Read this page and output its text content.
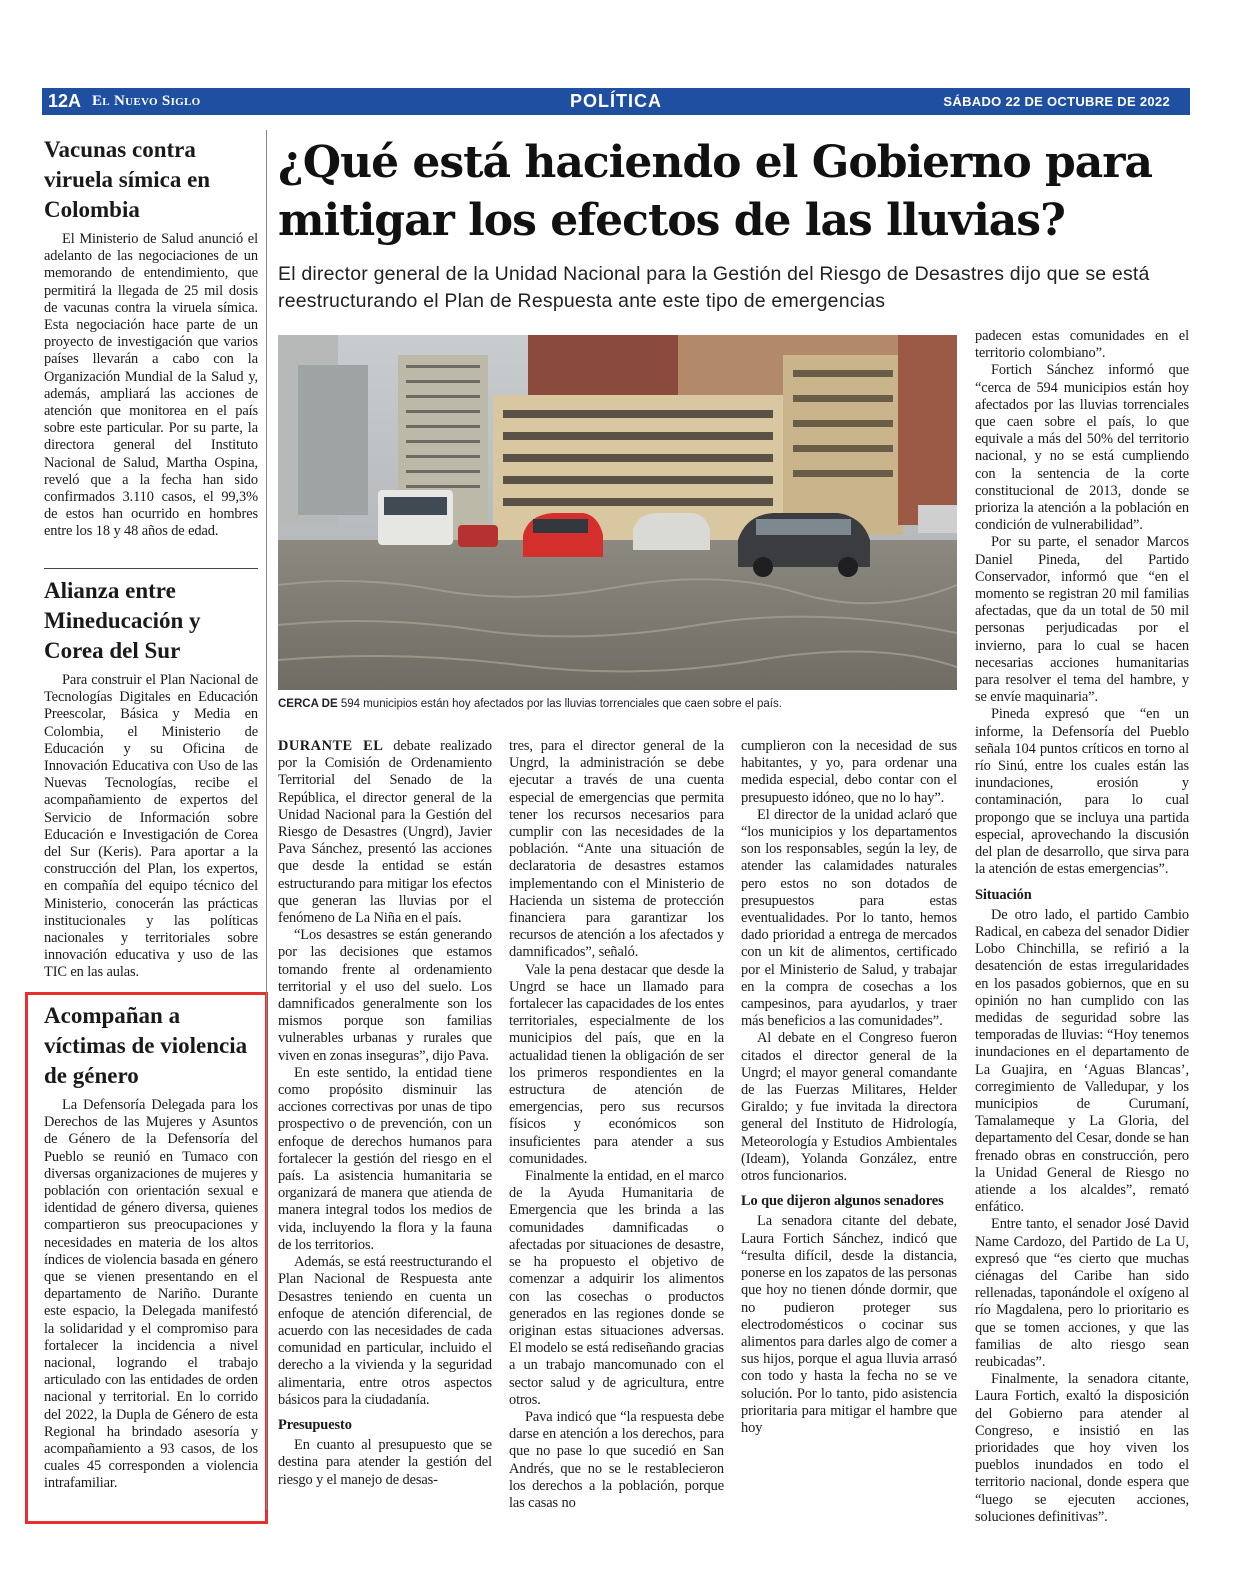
12A El Nuevo Siglo	POLÍTICA	SÁBADO 22 DE OCTUBRE DE 2022
Vacunas contra viruela símica en Colombia

El Ministerio de Salud anunció el adelanto de las negociaciones de un memorando de entendimiento, que permitirá la llegada de 25 mil dosis de vacunas contra la viruela símica. Esta negociación hace parte de un proyecto de investigación que varios países llevarán a cabo con la Organización Mundial de la Salud y, además, ampliará las acciones de atención que monitorea en el país sobre este particular. Por su parte, la directora general del Instituto Nacional de Salud, Martha Ospina, reveló que a la fecha han sido confirmados 3.110 casos, el 99,3% de estos han ocurrido en hombres entre los 18 y 48 años de edad.

Alianza entre Mineducación y Corea del Sur

Para construir el Plan Nacional de Tecnologías Digitales en Educación Preescolar, Básica y Media en Colombia, el Ministerio de Educación y su Oficina de Innovación Educativa con Uso de las Nuevas Tecnologías, recibe el acompañamiento de expertos del Servicio de Información sobre Educación e Investigación de Corea del Sur (Keris). Para aportar a la construcción del Plan, los expertos, en compañía del equipo técnico del Ministerio, conocerán las prácticas institucionales y las políticas nacionales y territoriales sobre innovación educativa y uso de las TIC en las aulas.

Acompañan a víctimas de violencia de género

La Defensoría Delegada para los Derechos de las Mujeres y Asuntos de Género de la Defensoría del Pueblo se reunió en Tumaco con diversas organizaciones de mujeres y población con orientación sexual e identidad de género diversa, quienes compartieron sus preocupaciones y necesidades en materia de los altos índices de violencia basada en género que se vienen presentando en el departamento de Nariño. Durante este espacio, la Delegada manifestó la solidaridad y el compromiso para fortalecer la incidencia a nivel nacional, logrando el trabajo articulado con las entidades de orden nacional y territorial. En lo corrido del 2022, la Dupla de Género de esta Regional ha brindado asesoría y acompañamiento a 93 casos, de los cuales 45 corresponden a violencia intrafamiliar.

¿Qué está haciendo el Gobierno para mitigar los efectos de las lluvias?
El director general de la Unidad Nacional para la Gestión del Riesgo de Desastres dijo que se está reestructurando el Plan de Respuesta ante este tipo de emergencias
CERCA DE 594 municipios están hoy afectados por las lluvias torrenciales que caen sobre el país.

DURANTE EL debate realizado por la Comisión de Ordenamiento Territorial del Senado de la República, el director general de la Unidad Nacional para la Gestión del Riesgo de Desastres (Ungrd), Javier Pava Sánchez, presentó las acciones que desde la entidad se están estructurando para mitigar los efectos que generan las lluvias por el fenómeno de La Niña en el país.

“Los desastres se están generando por las decisiones que estamos tomando frente al ordenamiento territorial y el uso del suelo. Los damnificados generalmente son los mismos porque son familias vulnerables urbanas y rurales que viven en zonas inseguras”, dijo Pava.

En este sentido, la entidad tiene como propósito disminuir las acciones correctivas por unas de tipo prospectivo o de prevención, con un enfoque de derechos humanos para fortalecer la gestión del riesgo en el país. La asistencia humanitaria se organizará de manera que atienda de manera integral todos los medios de vida, incluyendo la flora y la fauna de los territorios.

Además, se está reestructurando el Plan Nacional de Respuesta ante Desastres teniendo en cuenta un enfoque de atención diferencial, de acuerdo con las necesidades de cada comunidad en particular, incluido el derecho a la vivienda y la seguridad alimentaria, entre otros aspectos básicos para la ciudadanía.

Presupuesto

En cuanto al presupuesto que se destina para atender la gestión del riesgo y el manejo de desas-

tres, para el director general de la Ungrd, la administración se debe ejecutar a través de una cuenta especial de emergencias que permita tener los recursos necesarios para cumplir con las necesidades de la población. “Ante una situación de declaratoria de desastres estamos implementando con el Ministerio de Hacienda un sistema de protección financiera para garantizar los recursos de atención a los afectados y damnificados”, señaló.

Vale la pena destacar que desde la Ungrd se hace un llamado para fortalecer las capacidades de los entes territoriales, especialmente de los municipios del país, que en la actualidad tienen la obligación de ser los primeros respondientes en la estructura de atención de emergencias, pero sus recursos físicos y económicos son insuficientes para atender a sus comunidades.

Finalmente la entidad, en el marco de la Ayuda Humanitaria de Emergencia que les brinda a las comunidades damnificadas o afectadas por situaciones de desastre, se ha propuesto el objetivo de comenzar a adquirir los alimentos con las cosechas o productos generados en las regiones donde se originan estas situaciones adversas. El modelo se está rediseñando gracias a un trabajo mancomunado con el sector salud y de agricultura, entre otros.

Pava indicó que “la respuesta debe darse en atención a los derechos, para que no pase lo que sucedió en San Andrés, que no se le restablecieron los derechos a la población, porque las casas no

cumplieron con la necesidad de sus habitantes, y yo, para ordenar una medida especial, debo contar con el presupuesto idóneo, que no lo hay”.

El director de la unidad aclaró que “los municipios y los departamentos son los responsables, según la ley, de atender las calamidades naturales pero estos no son dotados de presupuestos para estas eventualidades. Por lo tanto, hemos dado prioridad a entrega de mercados con un kit de alimentos, certificado por el Ministerio de Salud, y trabajar en la compra de cosechas a los campesinos, para ayudarlos, y traer más beneficios a las comunidades”.

Al debate en el Congreso fueron citados el director general de la Ungrd; el mayor general comandante de las Fuerzas Militares, Helder Giraldo; y fue invitada la directora general del Instituto de Hidrología, Meteorología y Estudios Ambientales (Ideam), Yolanda González, entre otros funcionarios.

Lo que dijeron algunos senadores

La senadora citante del debate, Laura Fortich Sánchez, indicó que “resulta difícil, desde la distancia, ponerse en los zapatos de las personas que hoy no tienen dónde dormir, que no pudieron proteger sus electrodomésticos o cocinar sus alimentos para darles algo de comer a sus hijos, porque el agua lluvia arrasó con todo y hasta la fecha no se ve solución. Por lo tanto, pido asistencia prioritaria para mitigar el hambre que hoy

padecen estas comunidades en el territorio colombiano”.

Fortich Sánchez informó que “cerca de 594 municipios están hoy afectados por las lluvias torrenciales que caen sobre el país, lo que equivale a más del 50% del territorio nacional, y no se está cumpliendo con la sentencia de la corte constitucional de 2013, donde se prioriza la atención a la población en condición de vulnerabilidad”.

Por su parte, el senador Marcos Daniel Pineda, del Partido Conservador, informó que “en el momento se registran 20 mil familias afectadas, que da un total de 50 mil personas perjudicadas por el invierno, para lo cual se hacen necesarias acciones humanitarias para resolver el tema del hambre, y se envíe maquinaria”.

Pineda expresó que “en un informe, la Defensoría del Pueblo señala 104 puntos críticos en torno al río Sinú, entre los cuales están las inundaciones, erosión y contaminación, para lo cual propongo que se incluya una partida especial, aprovechando la discusión del plan de desarrollo, que sirva para la atención de estas emergencias”.

Situación

De otro lado, el partido Cambio Radical, en cabeza del senador Didier Lobo Chinchilla, se refirió a la desatención de estas irregularidades en los pasados gobiernos, que en su opinión no han cumplido con las medidas de seguridad sobre las temporadas de lluvias: “Hoy tenemos inundaciones en el departamento de La Guajira, en ‘Aguas Blancas’, corregimiento de Valledupar, y los municipios de Curumaní, Tamalameque y La Gloria, del departamento del Cesar, donde se han frenado obras en construcción, pero la Unidad General de Riesgo no atiende a los alcaldes”, remató enfático.

Entre tanto, el senador José David Name Cardozo, del Partido de La U, expresó que “es cierto que muchas ciénagas del Caribe han sido rellenadas, taponándole el oxígeno al río Magdalena, pero lo prioritario es que se tomen acciones, y que las familias de alto riesgo sean reubicadas”.

Finalmente, la senadora citante, Laura Fortich, exaltó la disposición del Gobierno para atender al Congreso, e insistió en las prioridades que hoy viven los pueblos inundados en todo el territorio nacional, donde espera que “luego se ejecuten acciones, soluciones definitivas”.
